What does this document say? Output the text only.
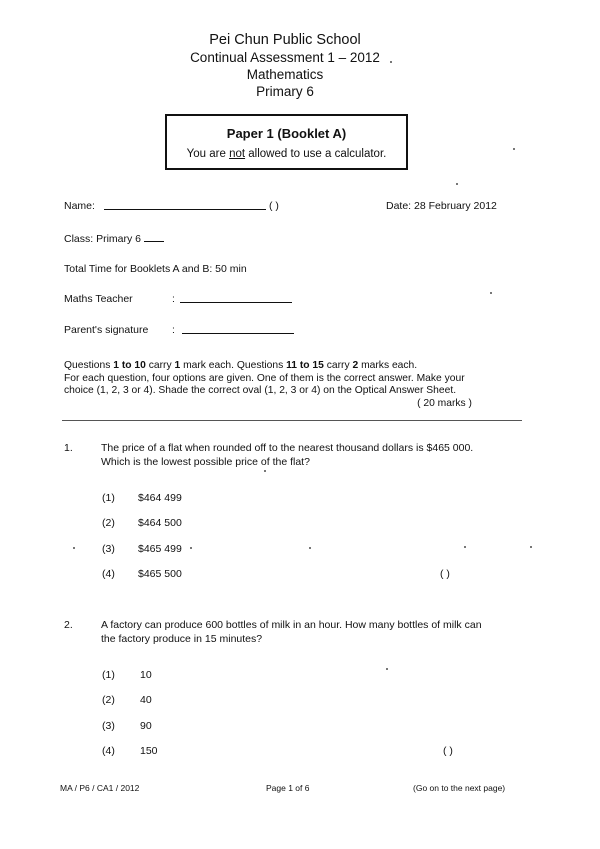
Pei Chun Public School
Continual Assessment 1 – 2012
Mathematics
Primary 6
Paper 1 (Booklet A)
You are not allowed to use a calculator.
Name:	( )	Date: 28 February 2012
Class: Primary 6
Total Time for Booklets A and B: 50 min
Maths Teacher	:
Parent's signature :
Questions 1 to 10 carry 1 mark each. Questions 11 to 15 carry 2 marks each.
For each question, four options are given. One of them is the correct answer. Make your
choice (1, 2, 3 or 4). Shade the correct oval (1, 2, 3 or 4) on the Optical Answer Sheet.
( 20 marks )
1.	The price of a flat when rounded off to the nearest thousand dollars is $465 000.
Which is the lowest possible price of the flat?
(1) $464 499
(2) $464 500
(3) $465 499
(4) $465 500	( )
2.	A factory can produce 600 bottles of milk in an hour. How many bottles of milk can
the factory produce in 15 minutes?
(1) 10
(2) 40
(3) 90
(4) 150	( )
MA / P6 / CA1 / 2012	Page 1 of 6	(Go on to the next page)
